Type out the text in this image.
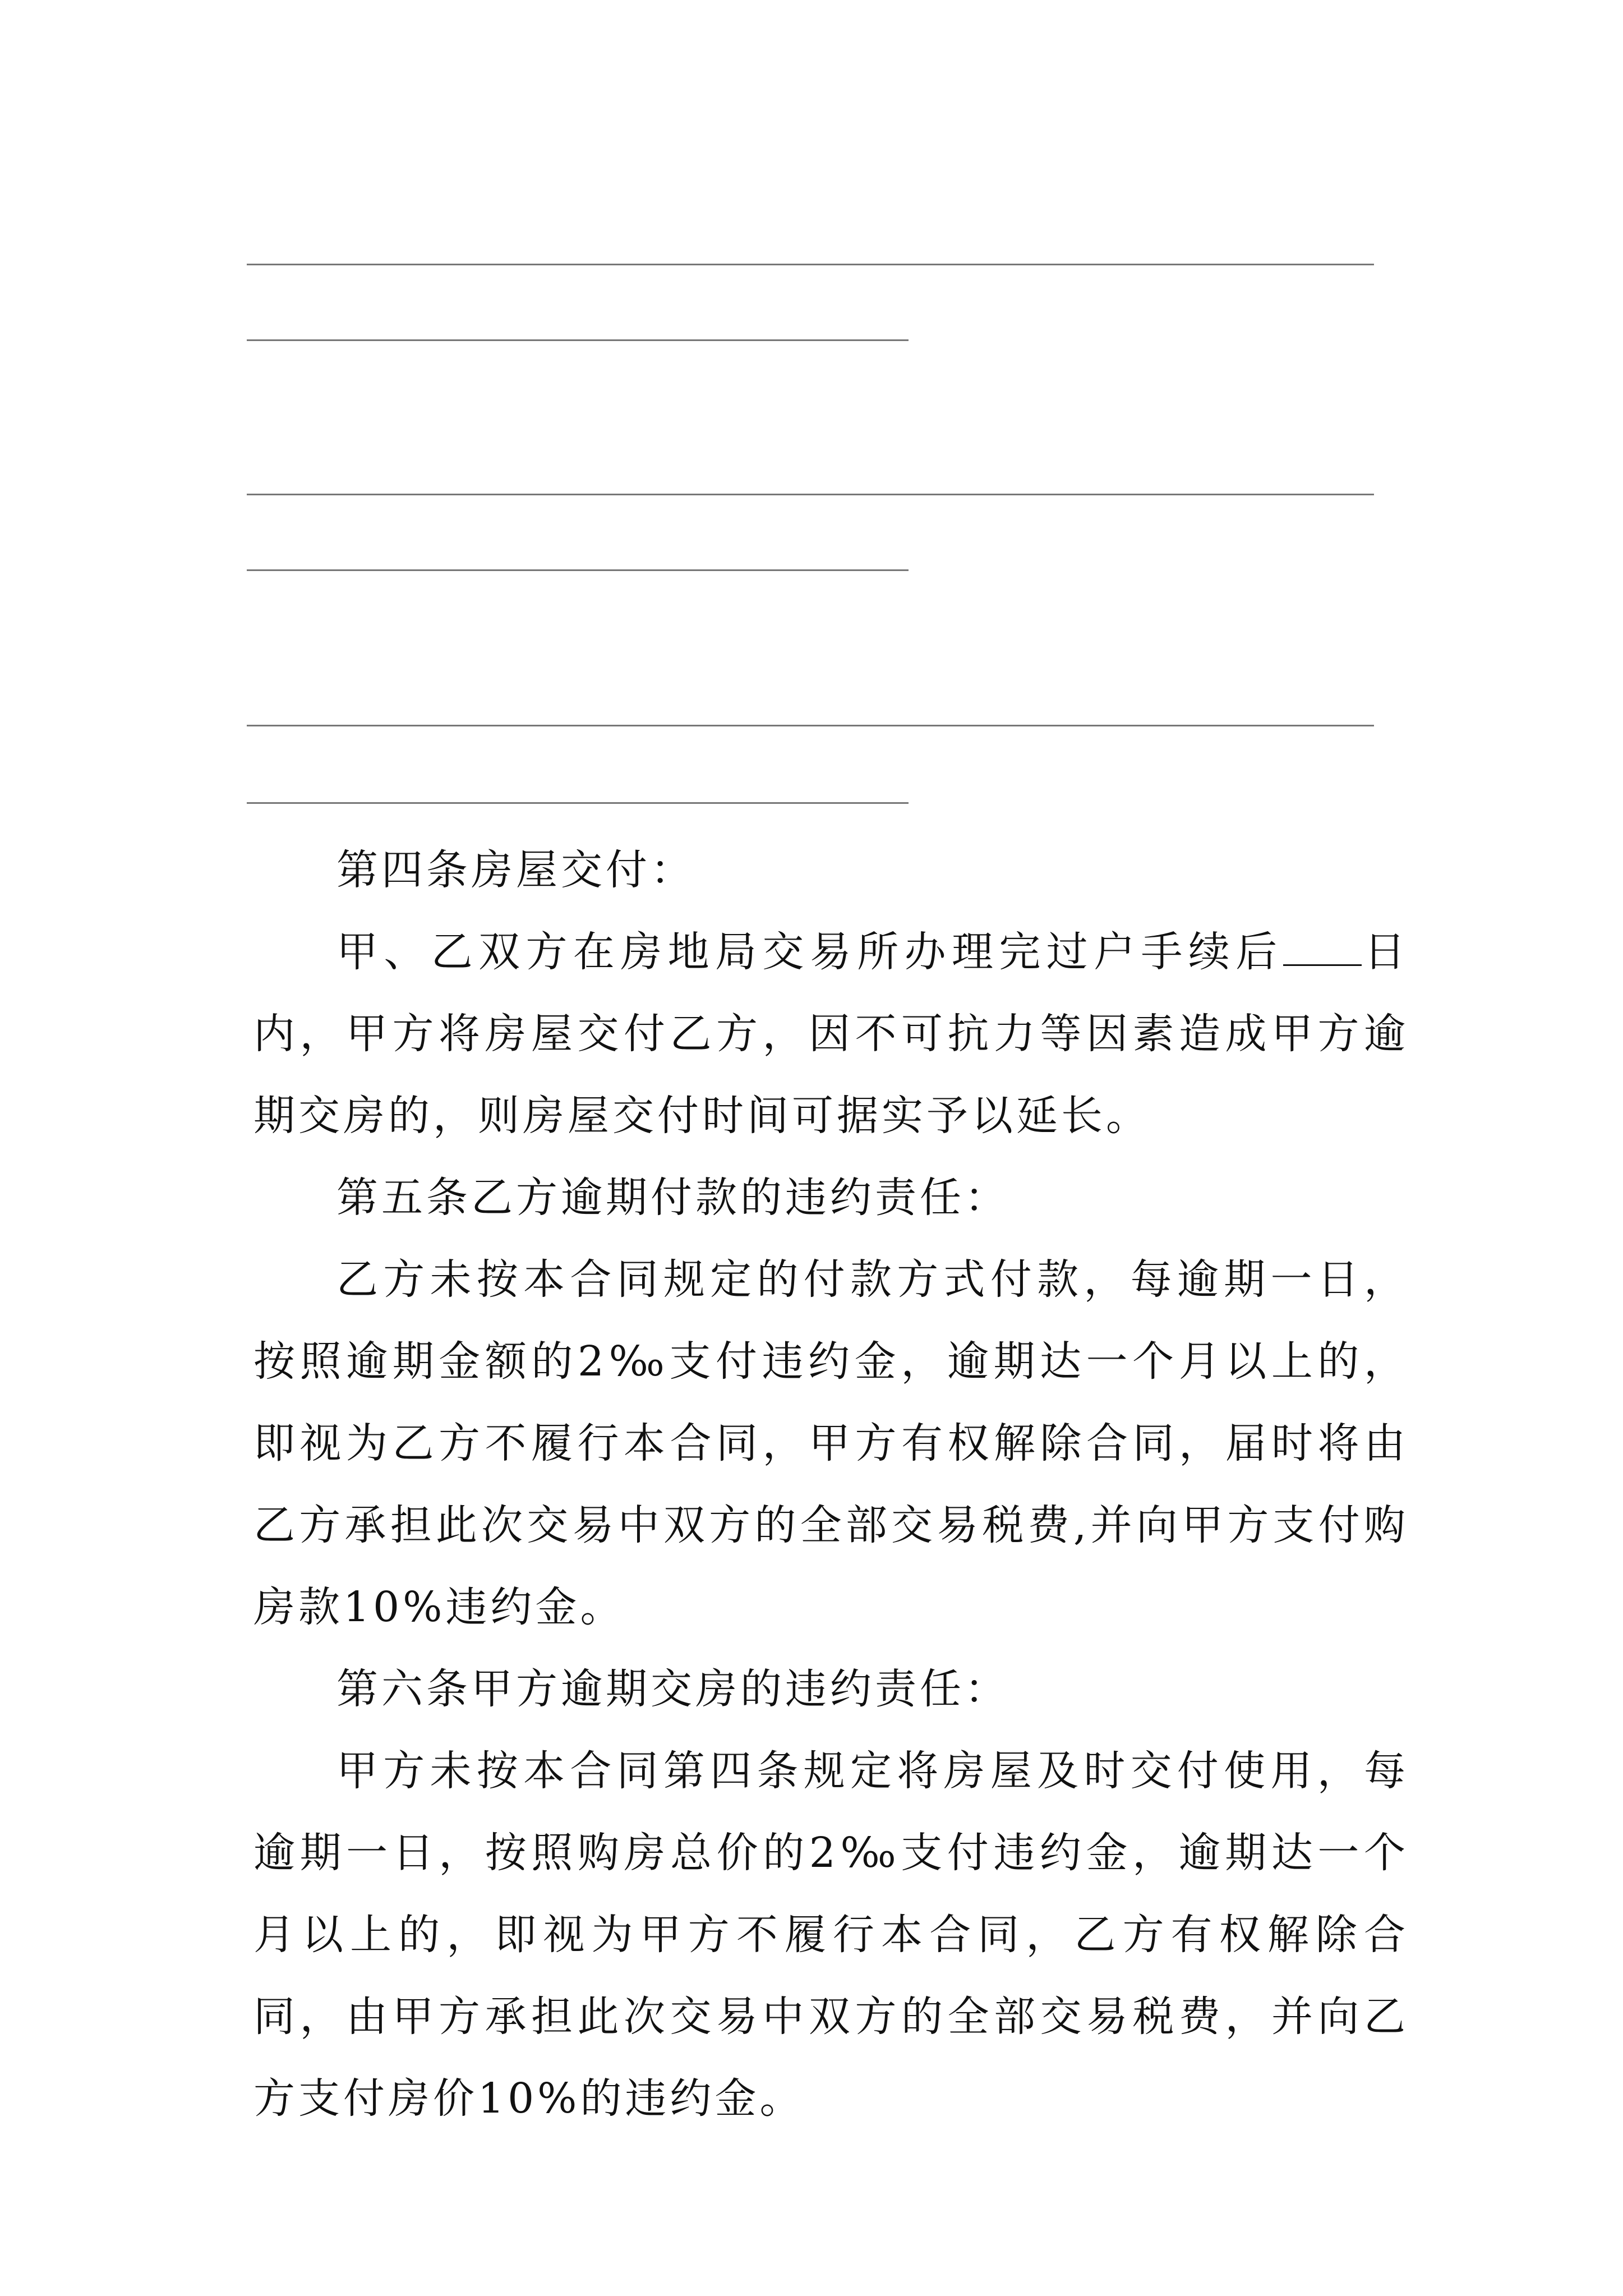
第四条房屋交付：

甲、乙双方在房地局交易所办理完过户手续后 日内，甲方将房屋交付乙方，因不可抗力等因素造成甲方逾期交房的，则房屋交付时间可据实予以延长。

第五条乙方逾期付款的违约责任：

乙方未按本合同规定的付款方式付款，每逾期一日，按照逾期金额的2‰支付违约金，逾期达一个月以上的，即视为乙方不履行本合同，甲方有权解除合同，届时将由乙方承担此次交易中双方的全部交易税费,并向甲方支付购房款10%违约金。

第六条甲方逾期交房的违约责任：

甲方未按本合同第四条规定将房屋及时交付使用，每逾期一日，按照购房总价的2‰支付违约金，逾期达一个月以上的，即视为甲方不履行本合同，乙方有权解除合同，由甲方承担此次交易中双方的全部交易税费，并向乙方支付房价10%的违约金。
